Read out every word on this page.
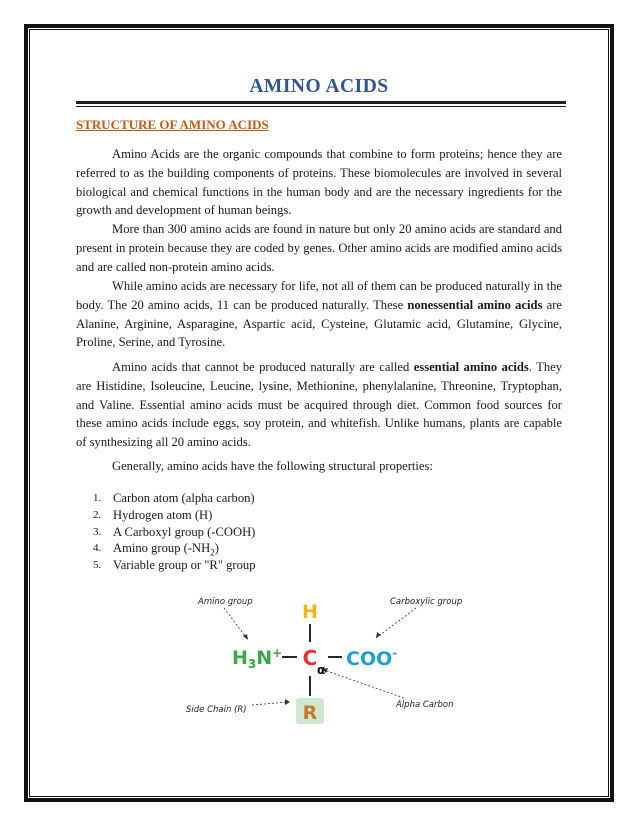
AMINO ACIDS
STRUCTURE OF AMINO ACIDS

Amino Acids are the organic compounds that combine to form proteins; hence they are referred to as the building components of proteins. These biomolecules are involved in several biological and chemical functions in the human body and are the necessary ingredients for the growth and development of human beings.

More than 300 amino acids are found in nature but only 20 amino acids are standard and present in protein because they are coded by genes. Other amino acids are modified amino acids and are called non-protein amino acids.

While amino acids are necessary for life, not all of them can be produced naturally in the body. The 20 amino acids, 11 can be produced naturally. These nonessential amino acids are Alanine, Arginine, Asparagine, Aspartic acid, Cysteine, Glutamic acid, Glutamine, Glycine, Proline, Serine, and Tyrosine.

Amino acids that cannot be produced naturally are called essential amino acids. They are Histidine, Isoleucine, Leucine, lysine, Methionine, phenylalanine, Threonine, Tryptophan, and Valine. Essential amino acids must be acquired through diet. Common food sources for these amino acids include eggs, soy protein, and whitefish. Unlike humans, plants are capable of synthesizing all 20 amino acids.

Generally, amino acids have the following structural properties:

1. Carbon atom (alpha carbon)
2. Hydrogen atom (H)
3. A Carboxyl group (-COOH)
4. Amino group $(-NH_2)$
5. Variable group or "R" group
Amino group	Carboxylic group
Side Chain (R)	Alpha Carbon
H
$H_3N^+$ C α COO-
R
